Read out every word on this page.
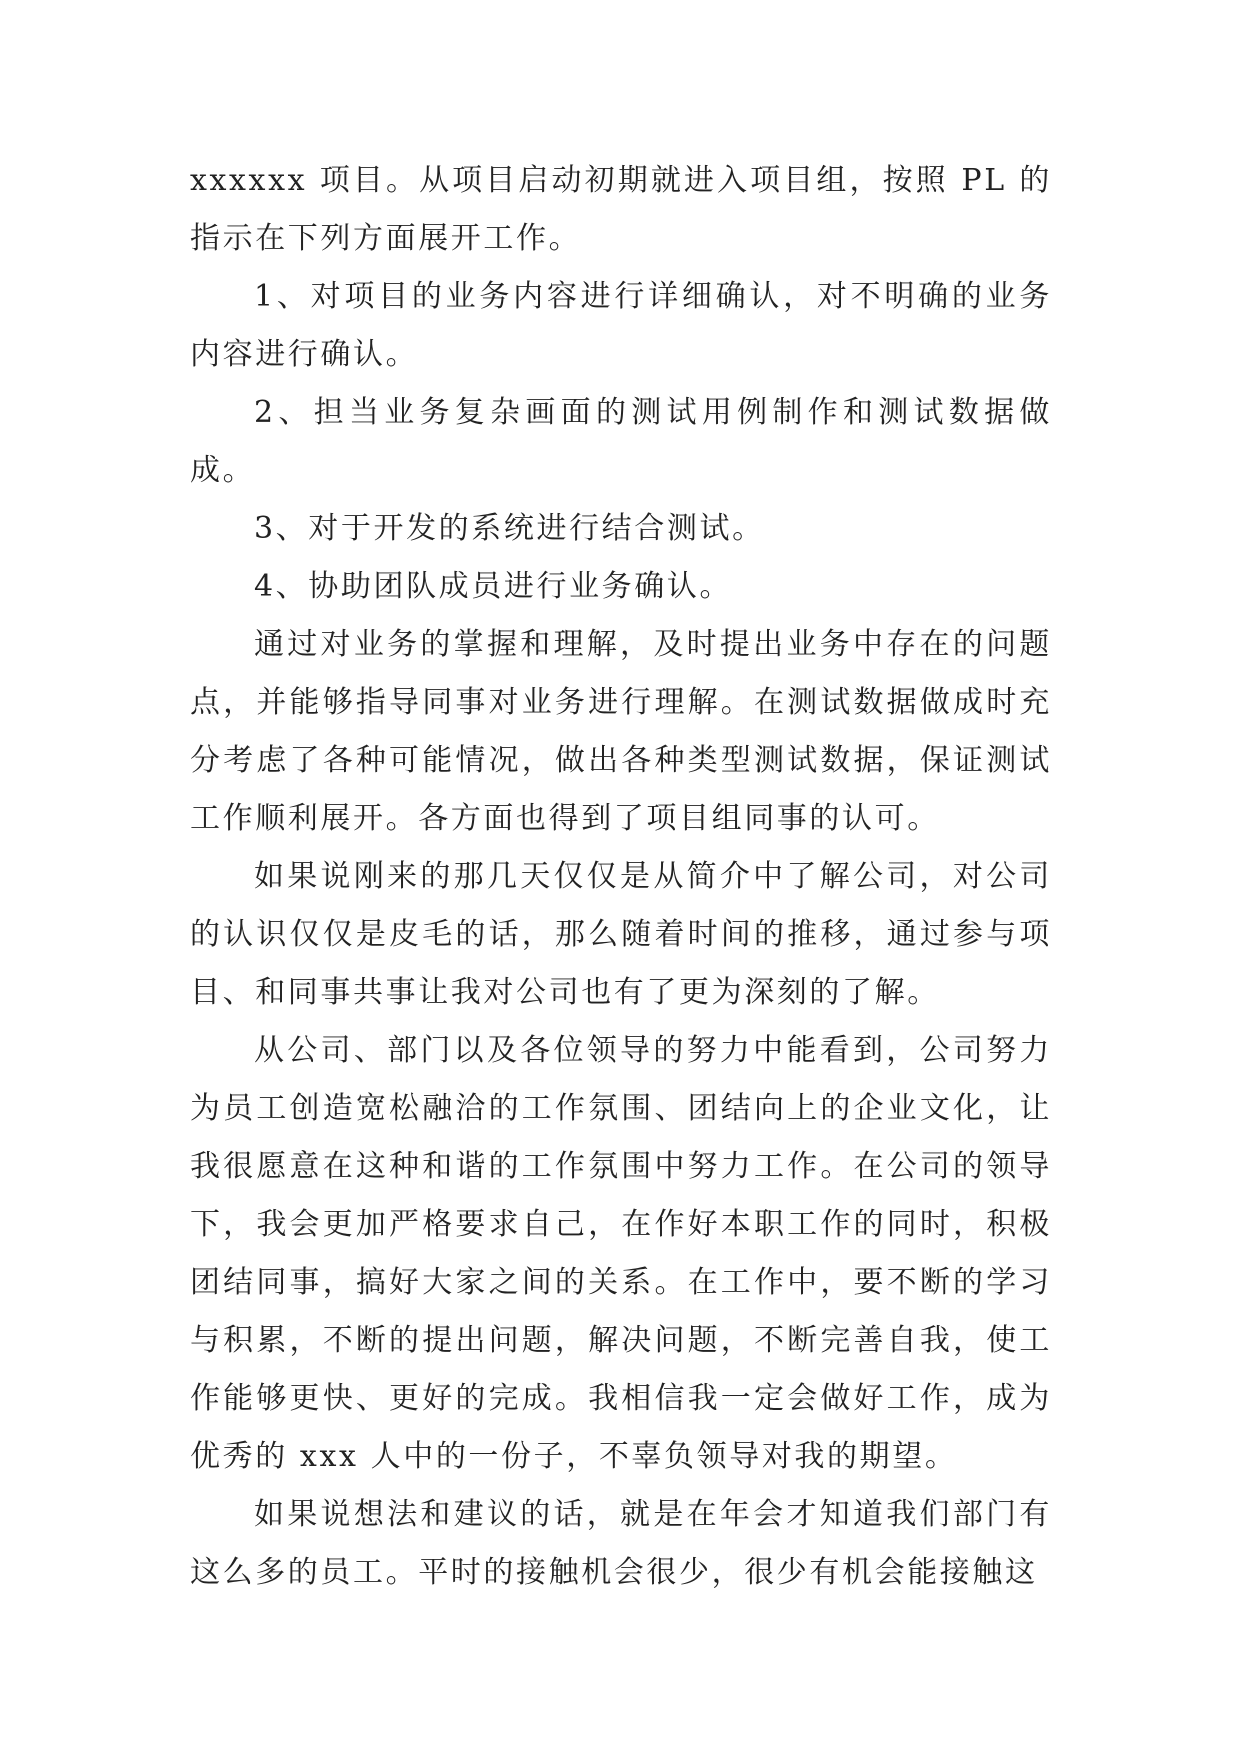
xxxxxx 项目。从项目启动初期就进入项目组，按照 PL 的指示在下列方面展开工作。

1、对项目的业务内容进行详细确认，对不明确的业务内容进行确认。

2、担当业务复杂画面的测试用例制作和测试数据做成。

3、对于开发的系统进行结合测试。

4、协助团队成员进行业务确认。

通过对业务的掌握和理解，及时提出业务中存在的问题点，并能够指导同事对业务进行理解。在测试数据做成时充分考虑了各种可能情况，做出各种类型测试数据，保证测试工作顺利展开。各方面也得到了项目组同事的认可。

如果说刚来的那几天仅仅是从简介中了解公司，对公司的认识仅仅是皮毛的话，那么随着时间的推移，通过参与项目、和同事共事让我对公司也有了更为深刻的了解。

从公司、部门以及各位领导的努力中能看到，公司努力为员工创造宽松融洽的工作氛围、团结向上的企业文化，让我很愿意在这种和谐的工作氛围中努力工作。在公司的领导下，我会更加严格要求自己，在作好本职工作的同时，积极团结同事，搞好大家之间的关系。在工作中，要不断的学习与积累，不断的提出问题，解决问题，不断完善自我，使工作能够更快、更好的完成。我相信我一定会做好工作，成为优秀的 xxx 人中的一份子，不辜负领导对我的期望。

如果说想法和建议的话，就是在年会才知道我们部门有这么多的员工。平时的接触机会很少，很少有机会能接触这
